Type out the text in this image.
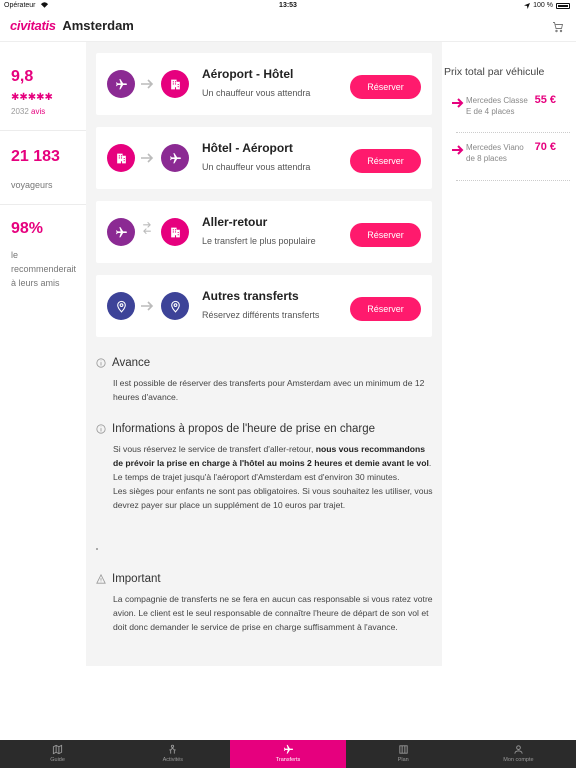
Opérateur	13:53	100 %
civitatis Amsterdam
9,8
✱✱✱✱✱
2032 avis
21 183
voyageurs
98%
le
recommenderait
à leurs amis
Aéroport - Hôtel
Un chauffeur vous attendra
Réserver
Hôtel - Aéroport
Un chauffeur vous attendra
Réserver
Aller-retour
Le transfert le plus populaire
Réserver
Autres transferts
Réservez différents transferts
Réserver
Prix total par véhicule
Mercedes Classe E de 4 places
55 €
Mercedes Viano de 8 places
70 €
Avance
Il est possible de réserver des transferts pour Amsterdam avec un minimum de 12 heures d'avance.
Informations à propos de l'heure de prise en charge
Si vous réservez le service de transfert d'aller-retour, nous vous recommandons de prévoir la prise en charge à l'hôtel au moins 2 heures et demie avant le vol. Le temps de trajet jusqu'à l'aéroport d'Amsterdam est d'environ 30 minutes.
Les sièges pour enfants ne sont pas obligatoires. Si vous souhaitez les utiliser, vous devrez payer sur place un supplément de 10 euros par trajet.
Important
La compagnie de transferts ne se fera en aucun cas responsable si vous ratez votre avion. Le client est le seul responsable de connaître l'heure de départ de son vol et doit donc demander le service de prise en charge suffisamment à l'avance.
Guide	Activités	Transferts	Plan	Mon compte
